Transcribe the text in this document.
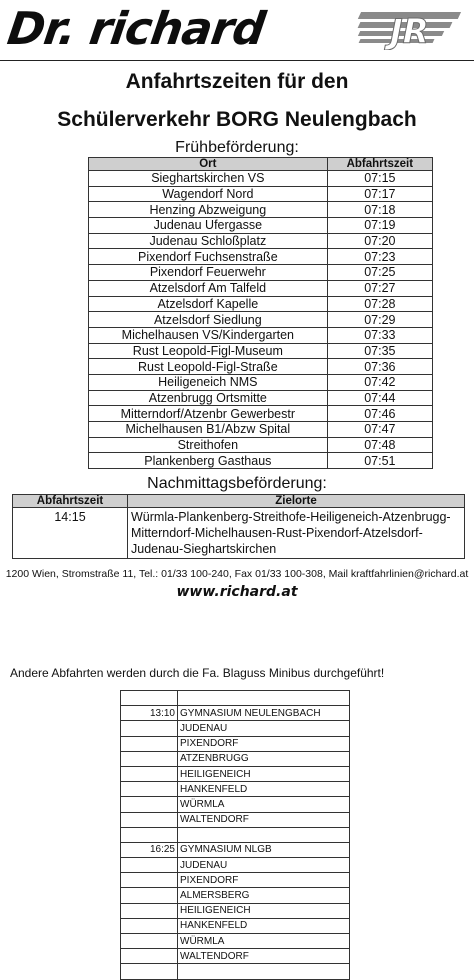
Dr. richard	JR
Anfahrtszeiten für den
Schülerverkehr BORG Neulengbach
Frühbeförderung:
Ort	Abfahrtszeit
Sieghartskirchen VS	07:15
Wagendorf Nord	07:17
Henzing Abzweigung	07:18
Judenau Ufergasse	07:19
Judenau Schloßplatz	07:20
Pixendorf Fuchsenstraße	07:23
Pixendorf Feuerwehr	07:25
Atzelsdorf Am Talfeld	07:27
Atzelsdorf Kapelle	07:28
Atzelsdorf Siedlung	07:29
Michelhausen VS/Kindergarten	07:33
Rust Leopold-Figl-Museum	07:35
Rust Leopold-Figl-Straße	07:36
Heiligeneich NMS	07:42
Atzenbrugg Ortsmitte	07:44
Mitterndorf/Atzenbr Gewerbestr	07:46
Michelhausen B1/Abzw Spital	07:47
Streithofen	07:48
Plankenberg Gasthaus	07:51
Nachmittagsbeförderung:
Abfahrtszeit	Zielorte
14:15	Würmla-Plankenberg-Streithofe-Heiligeneich-Atzenbrugg-
Mitterndorf-Michelhausen-Rust-Pixendorf-Atzelsdorf-
Judenau-Sieghartskirchen
1200 Wien, Stromstraße 11, Tel.: 01/33 100-240, Fax 01/33 100-308, Mail kraftfahrlinien@richard.at
www.richard.at
Andere Abfahrten werden durch die Fa. Blaguss Minibus durchgeführt!

13:10	GYMNASIUM NEULENGBACH
	JUDENAU
	PIXENDORF
	ATZENBRUGG
	HEILIGENEICH
	HANKENFELD
	WÜRMLA
	WALTENDORF

16:25	GYMNASIUM NLGB
	JUDENAU
	PIXENDORF
	ALMERSBERG
	HEILIGENEICH
	HANKENFELD
	WÜRMLA
	WALTENDORF
